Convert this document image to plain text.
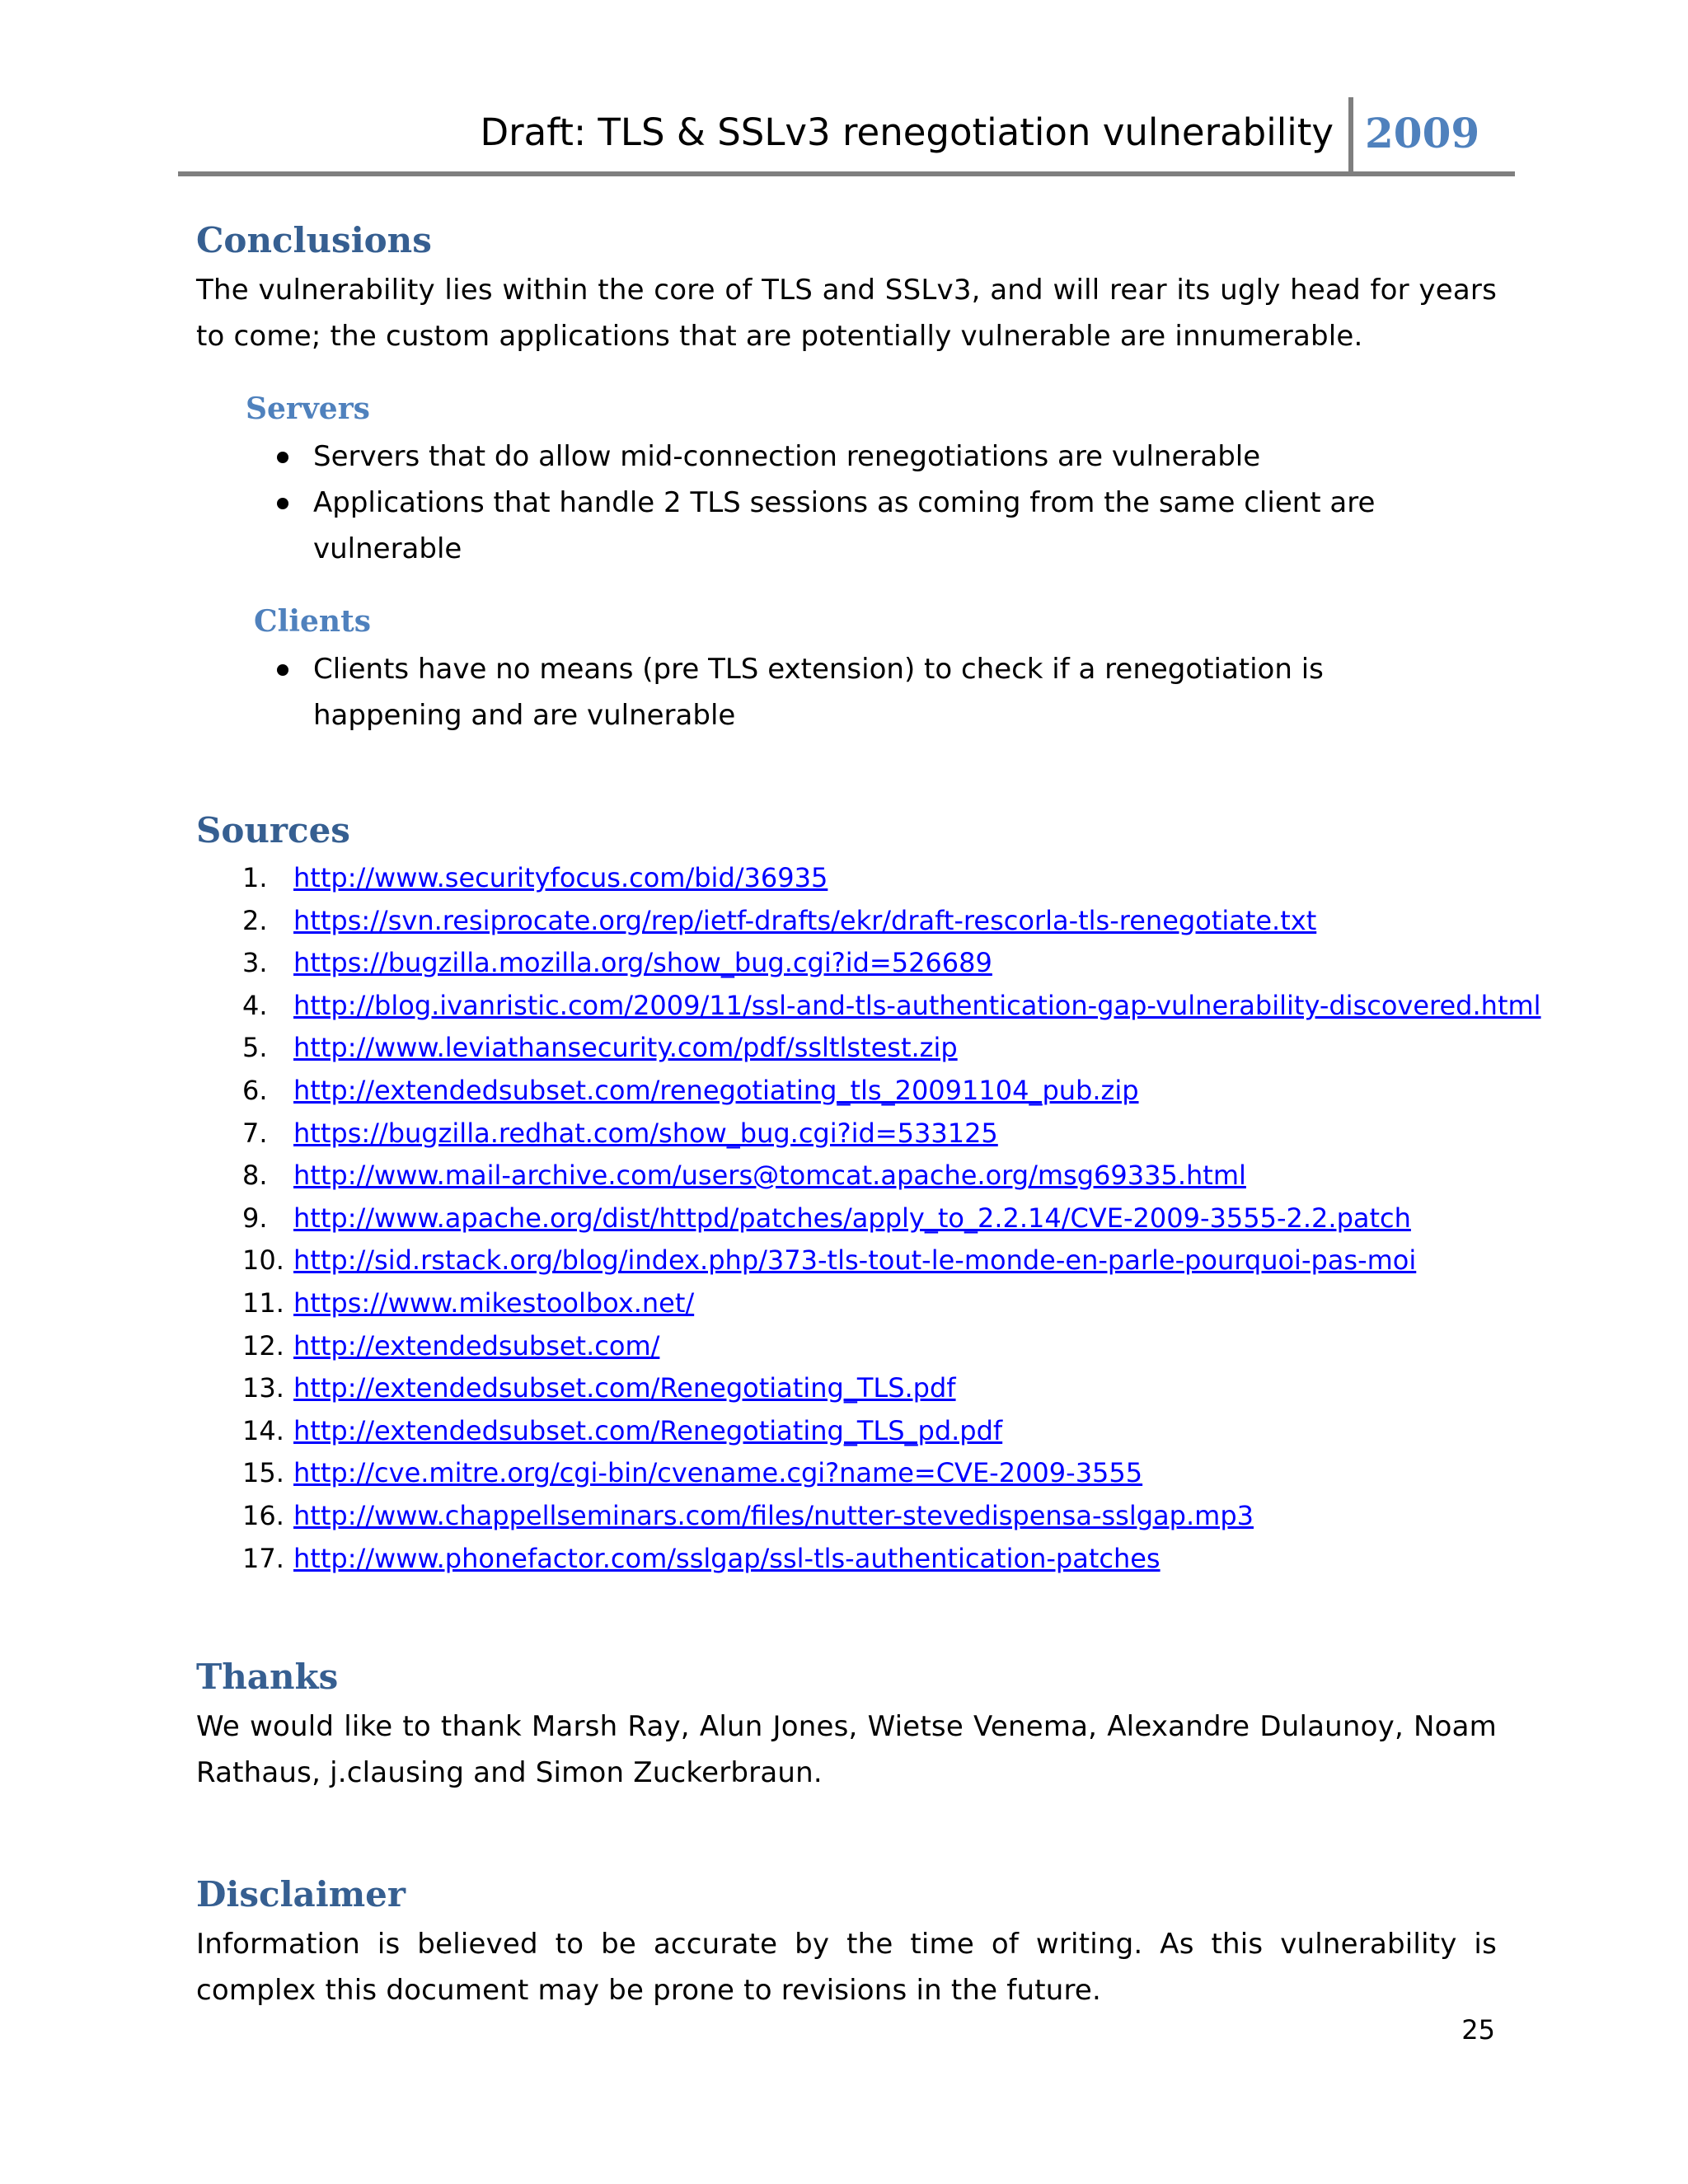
Draft: TLS & SSLv3 renegotiation vulnerability 2009
Conclusions

The vulnerability lies within the core of TLS and SSLv3, and will rear its ugly head for years to come; the custom applications that are potentially vulnerable are innumerable.

Servers
Servers that do allow mid-connection renegotiations are vulnerable
Applications that handle 2 TLS sessions as coming from the same client are vulnerable
Clients
Clients have no means (pre TLS extension) to check if a renegotiation is happening and are vulnerable
Sources
1. http://www.securityfocus.com/bid/36935
2. https://svn.resiprocate.org/rep/ietf-drafts/ekr/draft-rescorla-tls-renegotiate.txt
3. https://bugzilla.mozilla.org/show_bug.cgi?id=526689
4. http://blog.ivanristic.com/2009/11/ssl-and-tls-authentication-gap-vulnerability-discovered.html
5. http://www.leviathansecurity.com/pdf/ssltlstest.zip
6. http://extendedsubset.com/renegotiating_tls_20091104_pub.zip
7. https://bugzilla.redhat.com/show_bug.cgi?id=533125
8. http://www.mail-archive.com/users@tomcat.apache.org/msg69335.html
9. http://www.apache.org/dist/httpd/patches/apply_to_2.2.14/CVE-2009-3555-2.2.patch
10. http://sid.rstack.org/blog/index.php/373-tls-tout-le-monde-en-parle-pourquoi-pas-moi
11. https://www.mikestoolbox.net/
12. http://extendedsubset.com/
13. http://extendedsubset.com/Renegotiating_TLS.pdf
14. http://extendedsubset.com/Renegotiating_TLS_pd.pdf
15. http://cve.mitre.org/cgi-bin/cvename.cgi?name=CVE-2009-3555
16. http://www.chappellseminars.com/files/nutter-stevedispensa-sslgap.mp3
17. http://www.phonefactor.com/sslgap/ssl-tls-authentication-patches
Thanks

We would like to thank Marsh Ray, Alun Jones, Wietse Venema, Alexandre Dulaunoy, Noam Rathaus, j.clausing and Simon Zuckerbraun.

Disclaimer

Information is believed to be accurate by the time of writing. As this vulnerability is complex this document may be prone to revisions in the future.

25
